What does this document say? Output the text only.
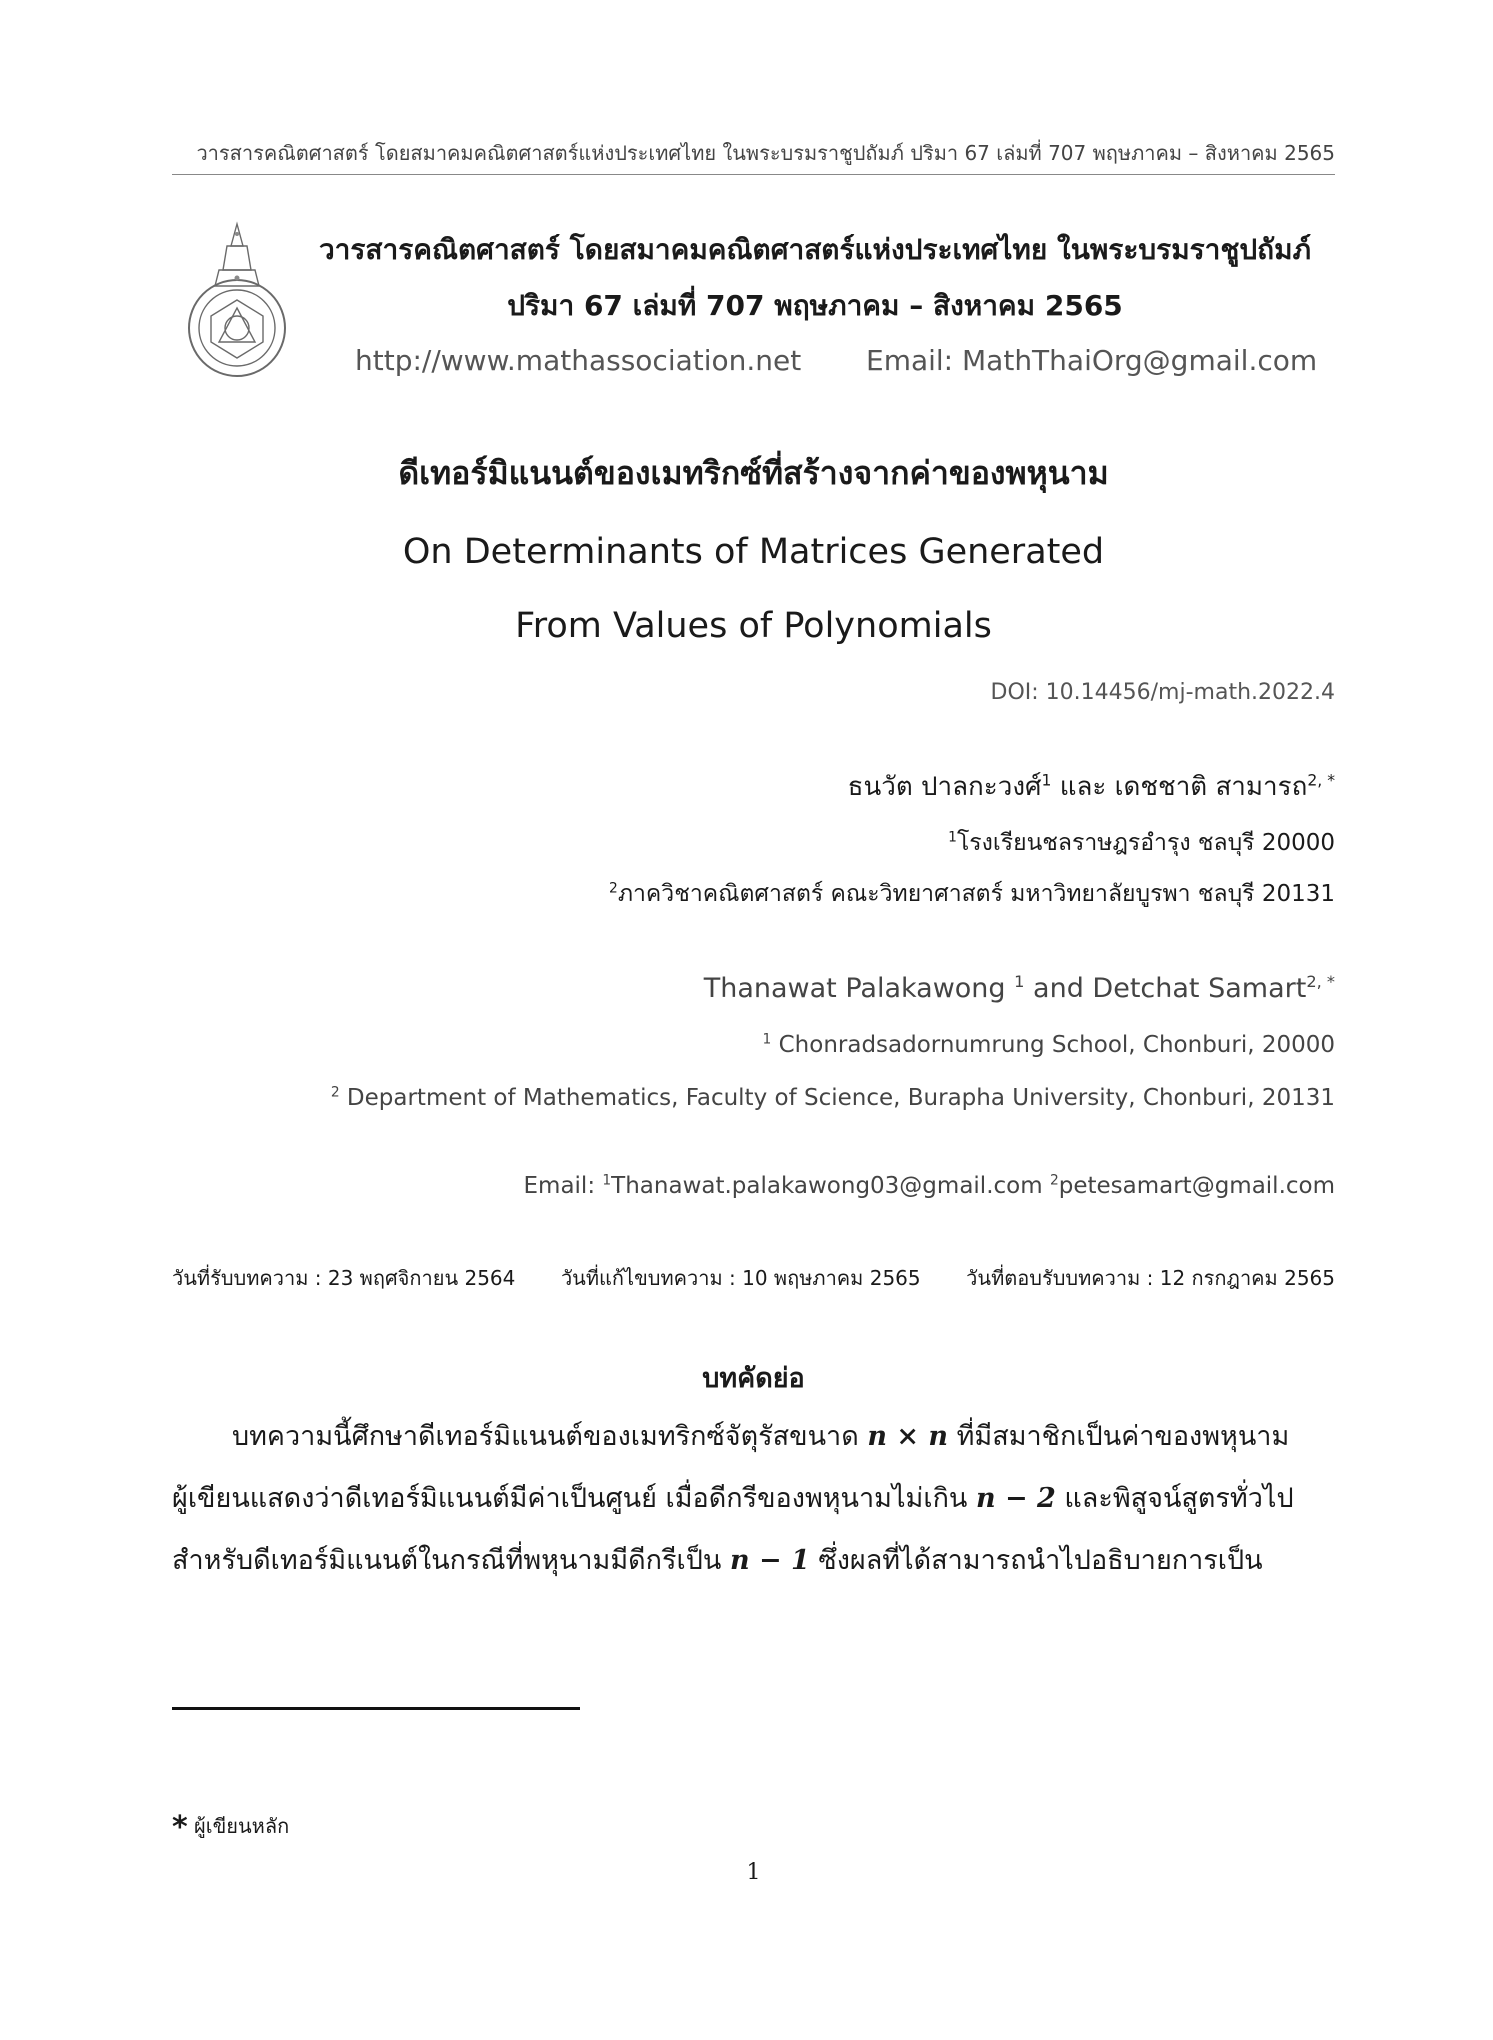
วารสารคณิตศาสตร์ โดยสมาคมคณิตศาสตร์แห่งประเทศไทย ในพระบรมราชูปถัมภ์ ปริมา 67 เล่มที่ 707 พฤษภาคม – สิงหาคม 2565
วารสารคณิตศาสตร์ โดยสมาคมคณิตศาสตร์แห่งประเทศไทย ในพระบรมราชูปถัมภ์
ปริมา 67 เล่มที่ 707 พฤษภาคม – สิงหาคม 2565
http://www.mathassociation.net Email: MathThaiOrg@gmail.com
ดีเทอร์มิแนนต์ของเมทริกซ์ที่สร้างจากค่าของพหุนาม
On Determinants of Matrices Generated
From Values of Polynomials
DOI: 10.14456/mj-math.2022.4
ธนวัต ปาลกะวงศ์$^1$ และ เดชชาติ สามารถ$^{2, *}$
$^1$โรงเรียนชลราษฎรอำรุง ชลบุรี 20000
$^2$ภาควิชาคณิตศาสตร์ คณะวิทยาศาสตร์ มหาวิทยาลัยบูรพา ชลบุรี 20131
Thanawat Palakawong $^1$ and Detchat Samart$^{2, *}$
$^1$ Chonradsadornumrung School, Chonburi, 20000
$^2$ Department of Mathematics, Faculty of Science, Burapha University, Chonburi, 20131
Email: $^1$Thanawat.palakawong03@gmail.com $^2$petesamart@gmail.com
วันที่รับบทความ : 23 พฤศจิกายน 2564 วันที่แก้ไขบทความ : 10 พฤษภาคม 2565 วันที่ตอบรับบทความ : 12 กรกฎาคม 2565
บทคัดย่อ
บทความนี้ศึกษาดีเทอร์มิแนนต์ของเมทริกซ์จัตุรัสขนาด n × n ที่มีสมาชิกเป็นค่าของพหุนาม
ผู้เขียนแสดงว่าดีเทอร์มิแนนต์มีค่าเป็นศูนย์ เมื่อดีกรีของพหุนามไม่เกิน n − 2 และพิสูจน์สูตรทั่วไป
สำหรับดีเทอร์มิแนนต์ในกรณีที่พหุนามมีดีกรีเป็น n − 1 ซึ่งผลที่ได้สามารถนำไปอธิบายการเป็น
* ผู้เขียนหลัก
1
